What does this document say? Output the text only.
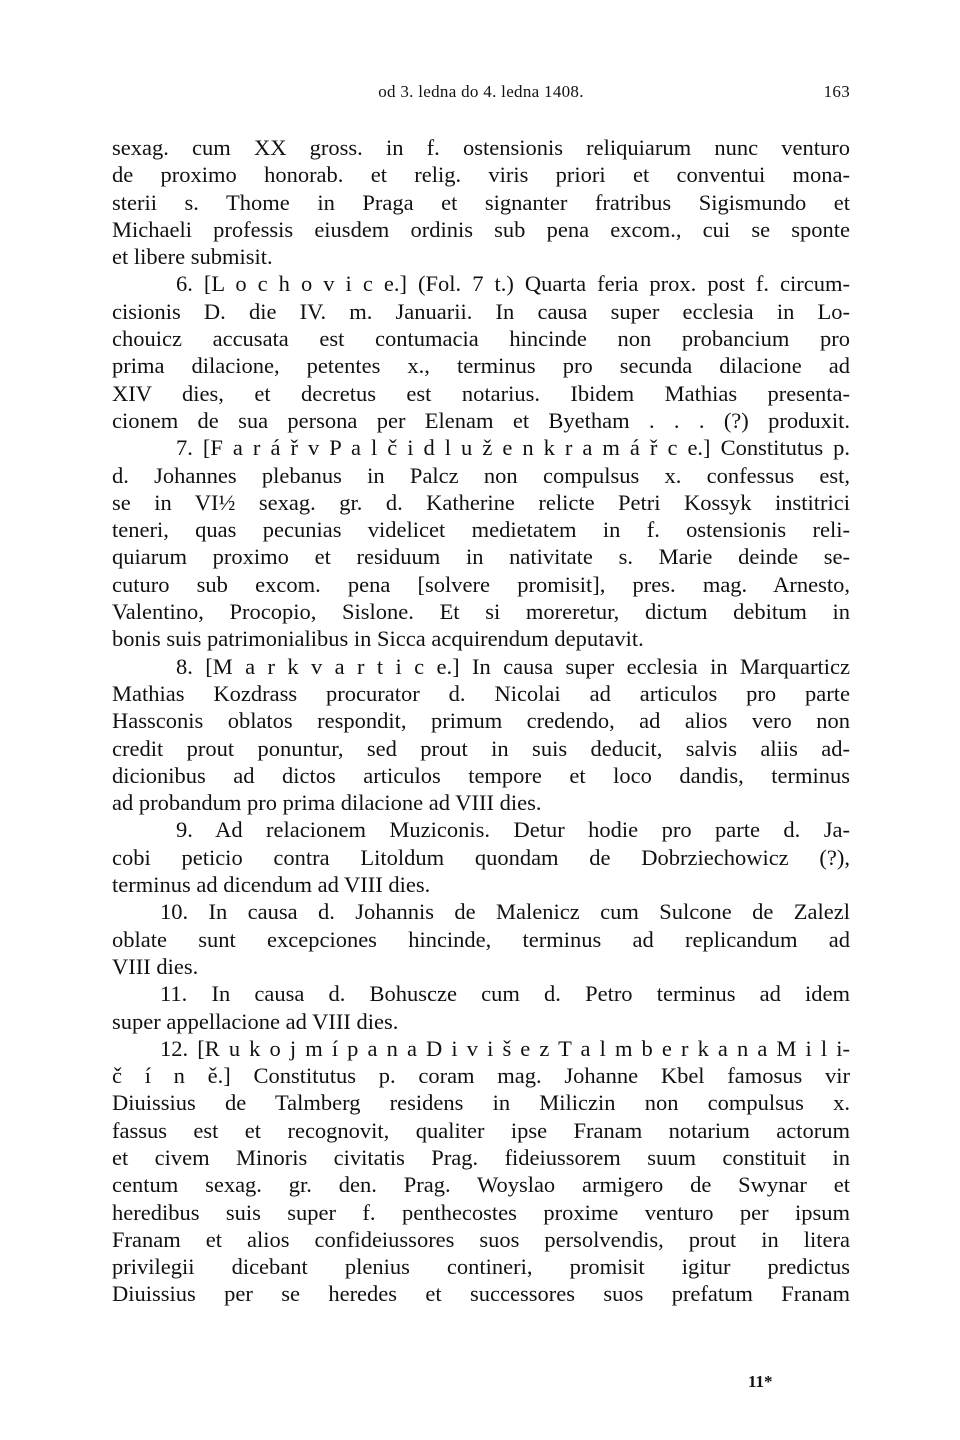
od 3. ledna do 4. ledna 1408.	163
sexag. cum XX gross. in f. ostensionis reliquiarum nunc venturo
de proximo honorab. et relig. viris priori et conventui mona-
sterii s. Thome in Praga et signanter fratribus Sigismundo et
Michaeli professis eiusdem ordinis sub pena excom., cui se sponte
et libere submisit.
6. [L o c h o v i c e.] (Fol. 7 t.) Quarta feria prox. post f. circum-
cisionis D. die IV. m. Januarii. In causa super ecclesia in Lo-
chouicz accusata est contumacia hincinde non probancium pro
prima dilacione, petentes x., terminus pro secunda dilacione ad
XIV dies, et decretus est notarius. Ibidem Mathias presenta-
cionem de sua persona per Elenam et Byetham . . . (?) produxit.
7. [F a r á ř v P a l č i d l u ž e n k r a m á ř c e.] Constitutus p.
d. Johannes plebanus in Palcz non compulsus x. confessus est,
se in VI½ sexag. gr. d. Katherine relicte Petri Kossyk institrici
teneri, quas pecunias videlicet medietatem in f. ostensionis reli-
quiarum proximo et residuum in nativitate s. Marie deinde se-
cuturo sub excom. pena [solvere promisit], pres. mag. Arnesto,
Valentino, Procopio, Sislone. Et si moreretur, dictum debitum in
bonis suis patrimonialibus in Sicca acquirendum deputavit.
8. [M a r k v a r t i c e.] In causa super ecclesia in Marquarticz
Mathias Kozdrass procurator d. Nicolai ad articulos pro parte
Hassconis oblatos respondit, primum credendo, ad alios vero non
credit prout ponuntur, sed prout in suis deducit, salvis aliis ad-
dicionibus ad dictos articulos tempore et loco dandis, terminus
ad probandum pro prima dilacione ad VIII dies.
9. Ad relacionem Muziconis. Detur hodie pro parte d. Ja-
cobi peticio contra Litoldum quondam de Dobrziechowicz (?),
terminus ad dicendum ad VIII dies.
10. In causa d. Johannis de Malenicz cum Sulcone de Zalezl
oblate sunt excepciones hincinde, terminus ad replicandum ad
VIII dies.
11. In causa d. Bohuscze cum d. Petro terminus ad idem
super appellacione ad VIII dies.
12. [R u k o j m í p a n a D i v i š e z T a l m b e r k a n a M i l i-
č í n ě.] Constitutus p. coram mag. Johanne Kbel famosus vir
Diuissius de Talmberg residens in Miliczin non compulsus x.
fassus est et recognovit, qualiter ipse Franam notarium actorum
et civem Minoris civitatis Prag. fideiussorem suum constituit in
centum sexag. gr. den. Prag. Woyslao armigero de Swynar et
heredibus suis super f. penthecostes proxime venturo per ipsum
Franam et alios confideiussores suos persolvendis, prout in litera
privilegii dicebant plenius contineri, promisit igitur predictus
Diuissius per se heredes et successores suos prefatum Franam
11*
